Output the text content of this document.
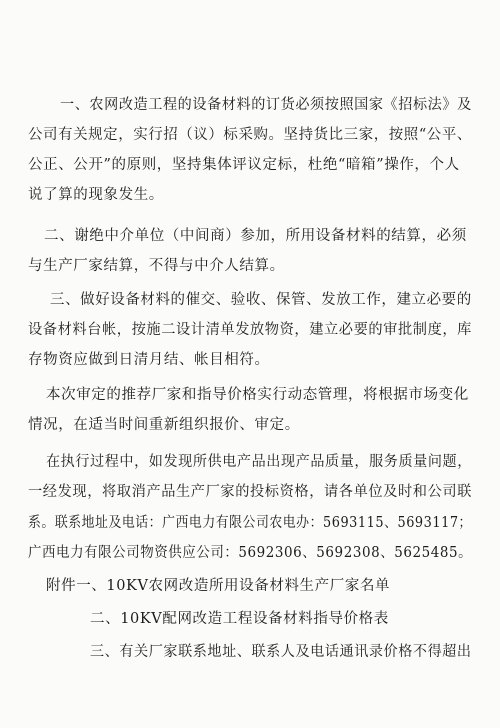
一、农网改造工程的设备材料的订货必须按照国家《招标法》及
公司有关规定，实行招（议）标采购。坚持货比三家，按照“公平、
公正、公开”的原则，坚持集体评议定标，杜绝“暗箱”操作，个人
说了算的现象发生。
二、谢绝中介单位（中间商）参加，所用设备材料的结算，必须
与生产厂家结算，不得与中介人结算。
三、做好设备材料的催交、验收、保管、发放工作，建立必要的
设备材料台帐，按施二设计清单发放物资，建立必要的审批制度，库
存物资应做到日清月结、帐目相符。
本次审定的推荐厂家和指导价格实行动态管理，将根据市场变化
情况，在适当时间重新组织报价、审定。
在执行过程中，如发现所供电产品出现产品质量，服务质量问题，
一经发现，将取消产品生产厂家的投标资格，请各单位及时和公司联
系。联系地址及电话：广西电力有限公司农电办：5693115、5693117；
广西电力有限公司物资供应公司：5692306、5692308、5625485。
附件一、10KV农网改造所用设备材料生产厂家名单
二、10KV配网改造工程设备材料指导价格表
三、有关厂家联系地址、联系人及电话通讯录价格不得超出
